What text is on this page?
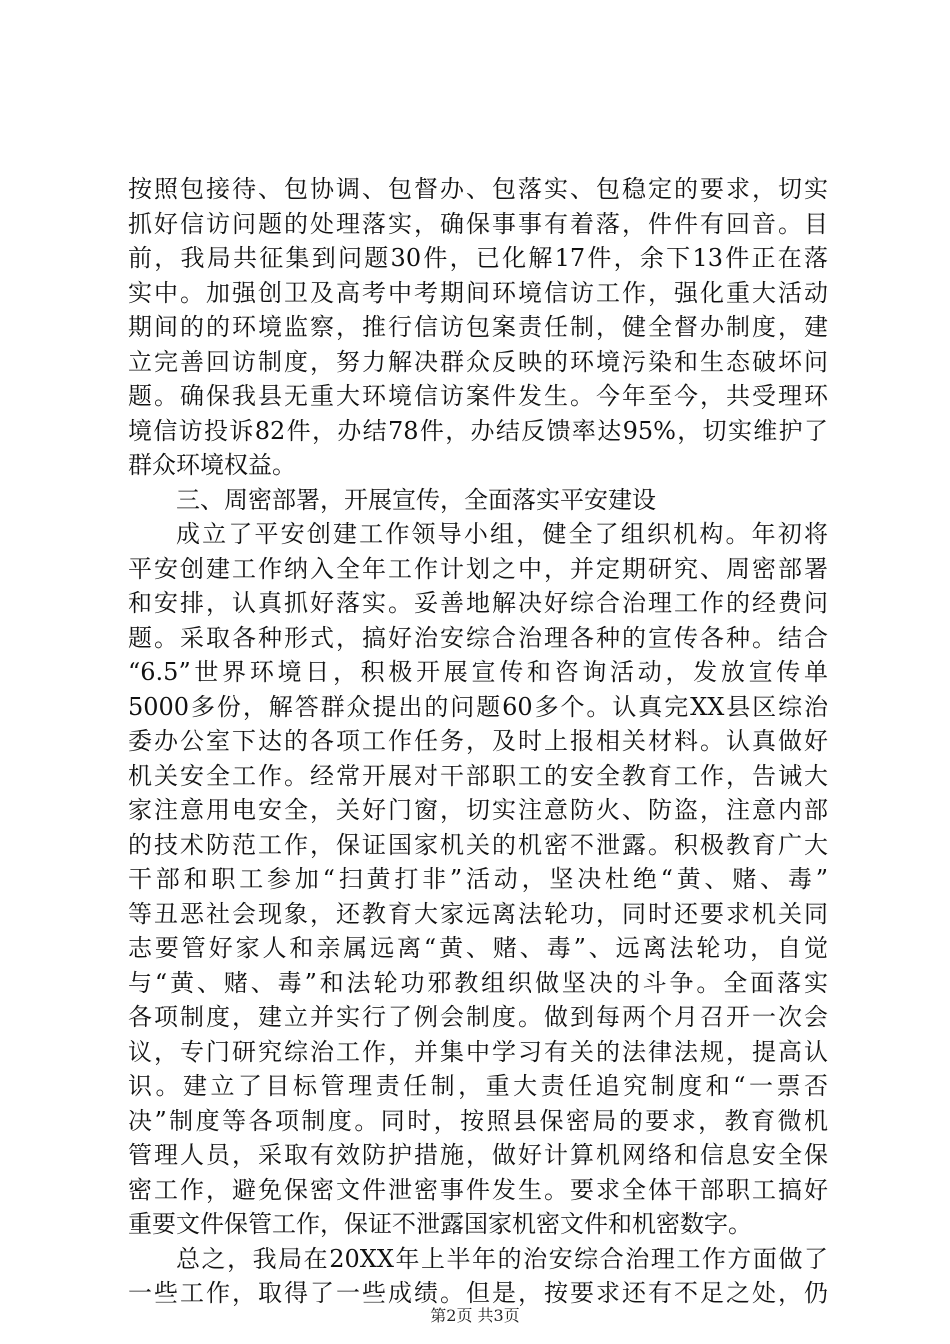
按照包接待、包协调、包督办、包落实、包稳定的要求，切实
抓好信访问题的处理落实，确保事事有着落，件件有回音。目
前，我局共征集到问题30件，已化解17件，余下13件正在落
实中。加强创卫及高考中考期间环境信访工作，强化重大活动
期间的的环境监察，推行信访包案责任制，健全督办制度，建
立完善回访制度，努力解决群众反映的环境污染和生态破坏问
题。确保我县无重大环境信访案件发生。今年至今，共受理环
境信访投诉82件，办结78件，办结反馈率达95%，切实维护了
群众环境权益。
三、周密部署，开展宣传，全面落实平安建设
成立了平安创建工作领导小组，健全了组织机构。年初将
平安创建工作纳入全年工作计划之中，并定期研究、周密部署
和安排，认真抓好落实。妥善地解决好综合治理工作的经费问
题。采取各种形式，搞好治安综合治理各种的宣传各种。结合
“6.5”世界环境日，积极开展宣传和咨询活动，发放宣传单
5000多份，解答群众提出的问题60多个。认真完XX县区综治
委办公室下达的各项工作任务，及时上报相关材料。认真做好
机关安全工作。经常开展对干部职工的安全教育工作，告诫大
家注意用电安全，关好门窗，切实注意防火、防盗，注意内部
的技术防范工作，保证国家机关的机密不泄露。积极教育广大
干部和职工参加“扫黄打非”活动，坚决杜绝“黄、赌、毒”
等丑恶社会现象，还教育大家远离法轮功，同时还要求机关同
志要管好家人和亲属远离“黄、赌、毒”、远离法轮功，自觉
与“黄、赌、毒”和法轮功邪教组织做坚决的斗争。全面落实
各项制度，建立并实行了例会制度。做到每两个月召开一次会
议，专门研究综治工作，并集中学习有关的法律法规，提高认
识。建立了目标管理责任制，重大责任追究制度和“一票否
决”制度等各项制度。同时，按照县保密局的要求，教育微机
管理人员，采取有效防护措施，做好计算机网络和信息安全保
密工作，避免保密文件泄密事件发生。要求全体干部职工搞好
重要文件保管工作，保证不泄露国家机密文件和机密数字。
总之，我局在20XX年上半年的治安综合治理工作方面做了
一些工作，取得了一些成绩。但是，按要求还有不足之处，仍
第2页 共3页
